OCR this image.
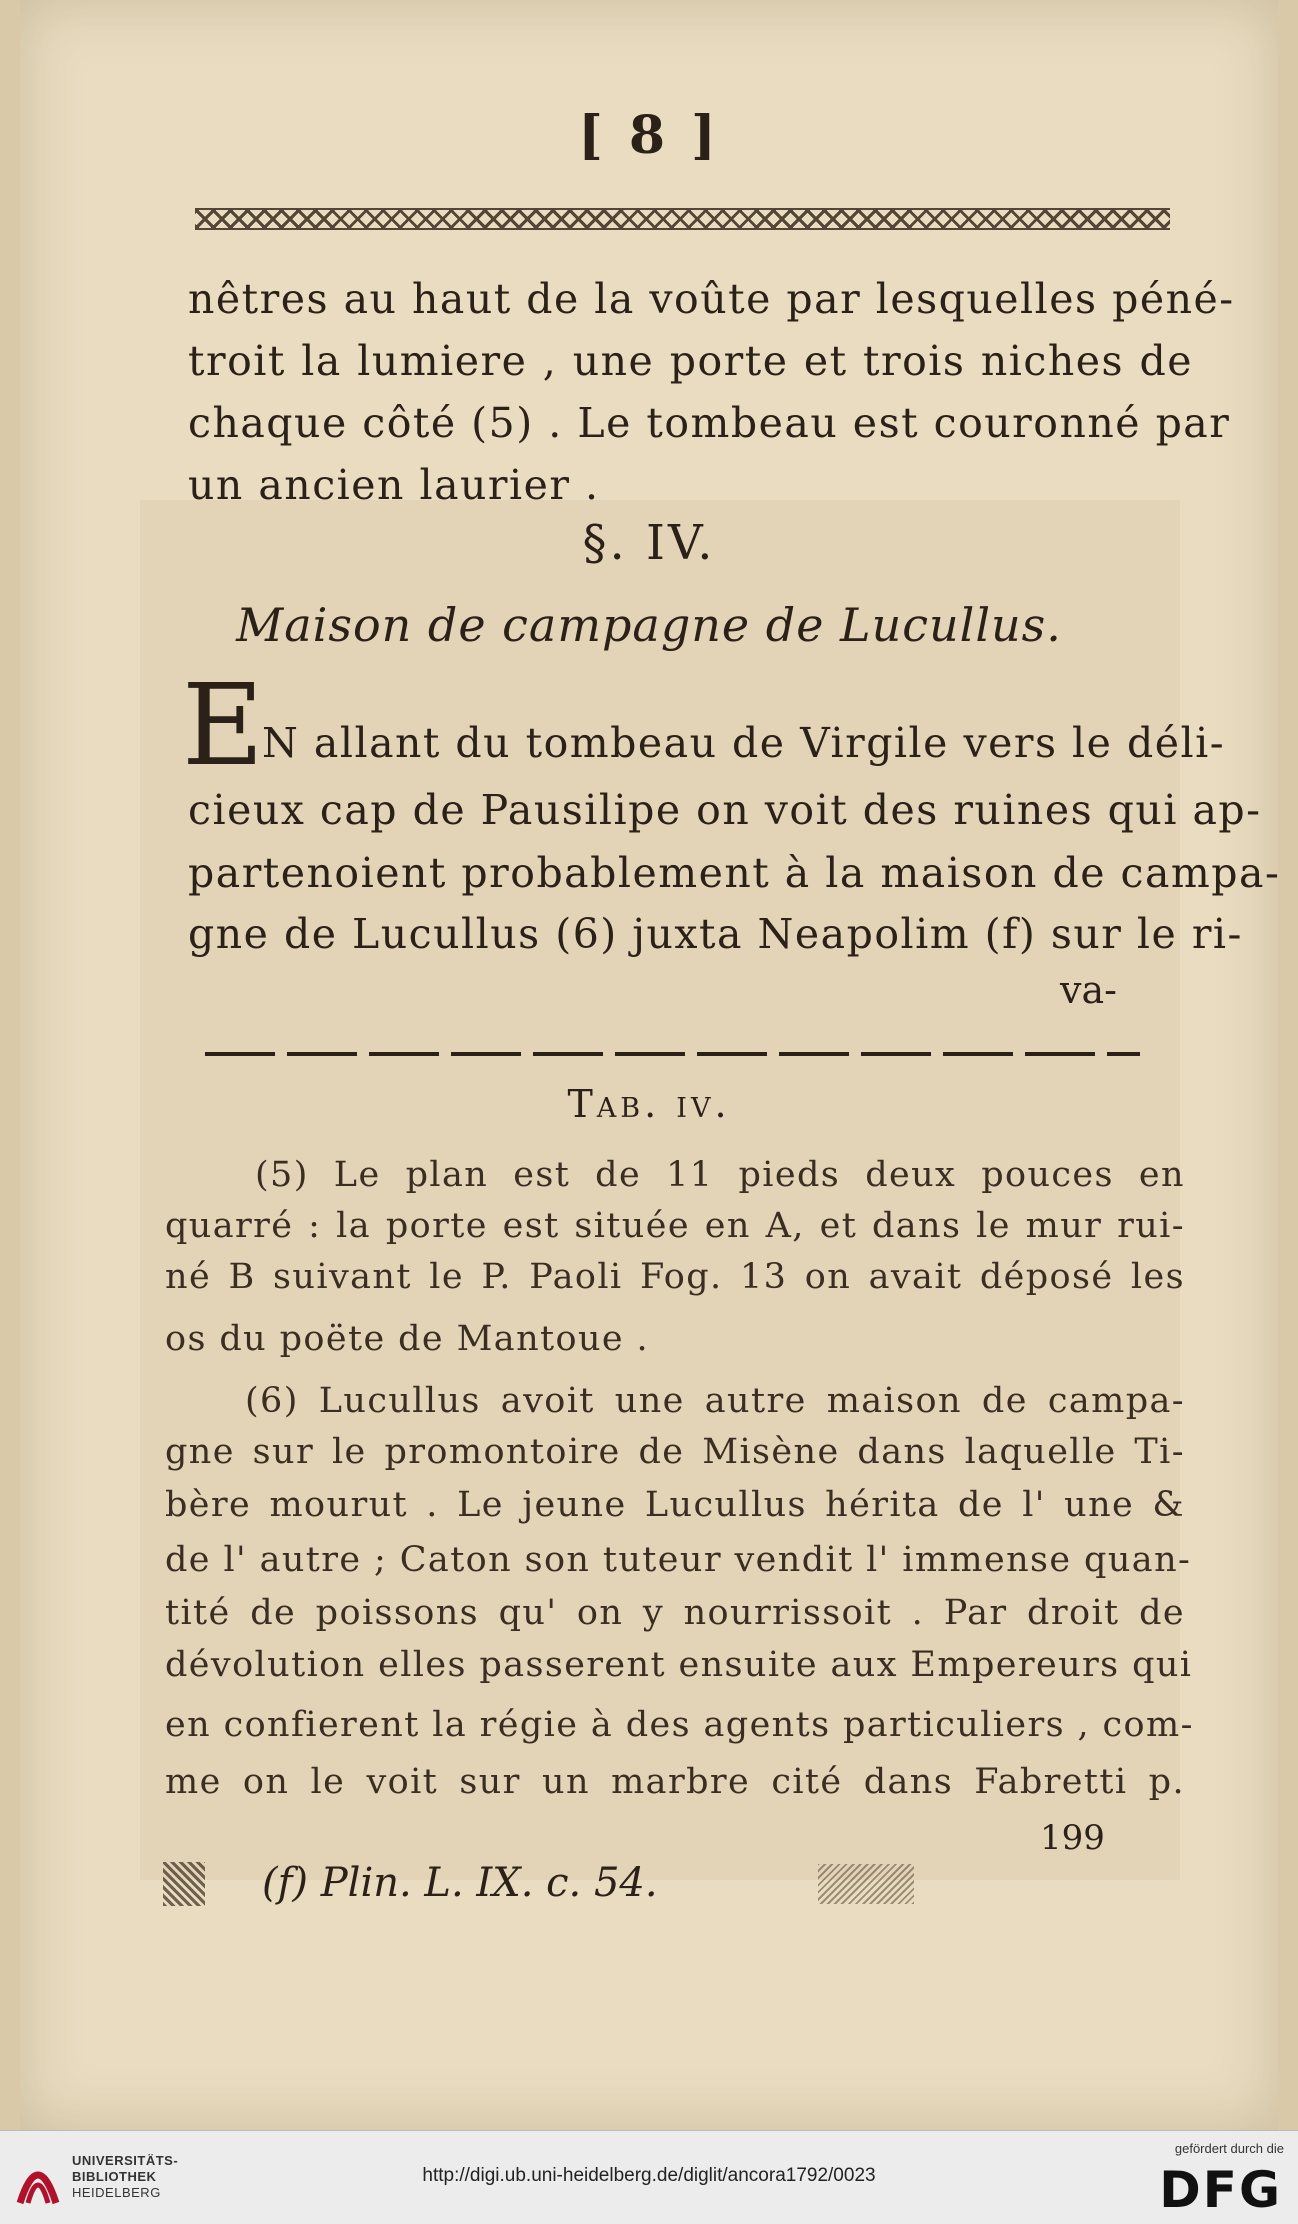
[ 8 ]
nêtres au haut de la voûte par lesquelles péné-
troit la lumiere , une porte et trois niches de
chaque côté (5) . Le tombeau est couronné par
un ancien laurier .
§. IV.
Maison de campagne de Lucullus.
E
N allant du tombeau de Virgile vers le déli-
cieux cap de Pausilipe on voit des ruines qui ap-
partenoient probablement à la maison de campa-
gne de Lucullus (6) juxta Neapolim (f) sur le ri-
va-
Tab. iv.
(5) Le plan est de 11 pieds deux pouces en
quarré : la porte est située en A, et dans le mur rui-
né B suivant le P. Paoli Fog. 13 on avait déposé les
os du poëte de Mantoue .
(6) Lucullus avoit une autre maison de campa-
gne sur le promontoire de Misène dans laquelle Ti-
bère mourut . Le jeune Lucullus hérita de l' une &
de l' autre ; Caton son tuteur vendit l' immense quan-
tité de poissons qu' on y nourrissoit . Par droit de
dévolution elles passerent ensuite aux Empereurs qui
en confierent la régie à des agents particuliers , com-
me on le voit sur un marbre cité dans Fabretti p.
199
(f) Plin. L. IX. c. 54.
UNIVERSITÄTS-
BIBLIOTHEK
HEIDELBERG
http://digi.ub.uni-heidelberg.de/diglit/ancora1792/0023
gefördert durch die
DFG
